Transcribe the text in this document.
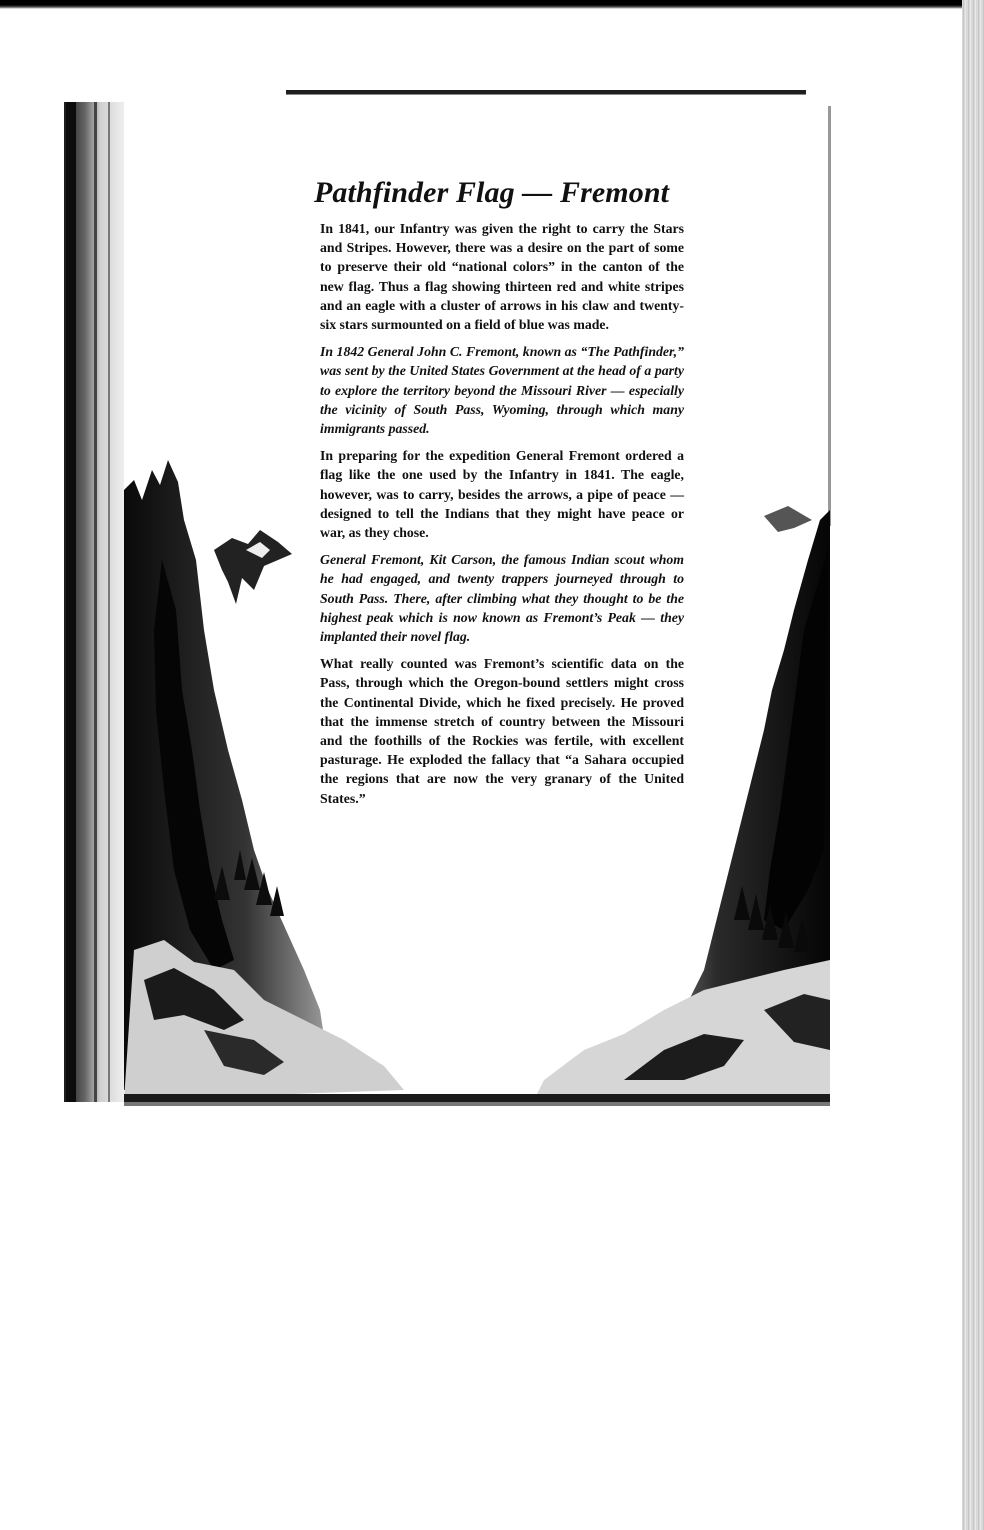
Pathfinder Flag — Fremont

In 1841, our Infantry was given the right to carry the Stars and Stripes. However, there was a desire on the part of some to preserve their old “national colors” in the canton of the new flag. Thus a flag showing thirteen red and white stripes and an eagle with a cluster of arrows in his claw and twenty-six stars surmounted on a field of blue was made.

In 1842 General John C. Fremont, known as “The Pathfinder,” was sent by the United States Government at the head of a party to explore the territory beyond the Missouri River — especially the vicinity of South Pass, Wyoming, through which many immigrants passed.

In preparing for the expedition General Fremont ordered a flag like the one used by the Infantry in 1841. The eagle, however, was to carry, besides the arrows, a pipe of peace — designed to tell the Indians that they might have peace or war, as they chose.

General Fremont, Kit Carson, the famous Indian scout whom he had engaged, and twenty trappers journeyed through to South Pass. There, after climbing what they thought to be the highest peak which is now known as Fremont’s Peak — they implanted their novel flag.

What really counted was Fremont’s scientific data on the Pass, through which the Oregon-bound settlers might cross the Continental Divide, which he fixed precisely. He proved that the immense stretch of country between the Missouri and the foothills of the Rockies was fertile, with excellent pasturage. He exploded the fallacy that “a Sahara occupied the regions that are now the very granary of the United States.”
